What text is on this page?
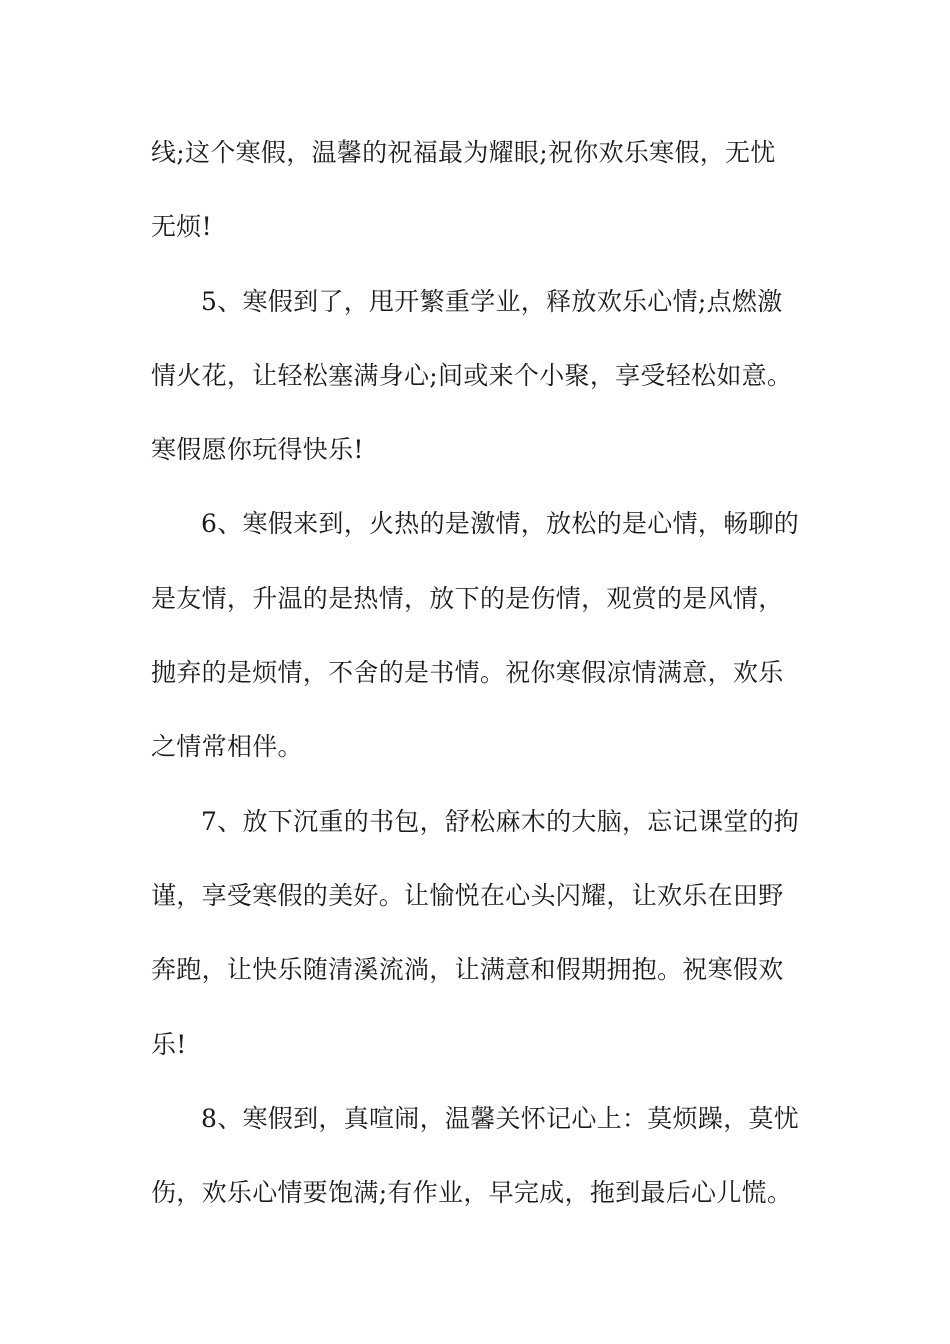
线;这个寒假，温馨的祝福最为耀眼;祝你欢乐寒假，无忧
无烦!
5、寒假到了，甩开繁重学业，释放欢乐心情;点燃激
情火花，让轻松塞满身心;间或来个小聚，享受轻松如意。
寒假愿你玩得快乐!
6、寒假来到，火热的是激情，放松的是心情，畅聊的
是友情，升温的是热情，放下的是伤情，观赏的是风情，
抛弃的是烦情，不舍的是书情。祝你寒假凉情满意，欢乐
之情常相伴。
7、放下沉重的书包，舒松麻木的大脑，忘记课堂的拘
谨，享受寒假的美好。让愉悦在心头闪耀，让欢乐在田野
奔跑，让快乐随清溪流淌，让满意和假期拥抱。祝寒假欢
乐!
8、寒假到，真喧闹，温馨关怀记心上：莫烦躁，莫忧
伤，欢乐心情要饱满;有作业，早完成，拖到最后心儿慌。
